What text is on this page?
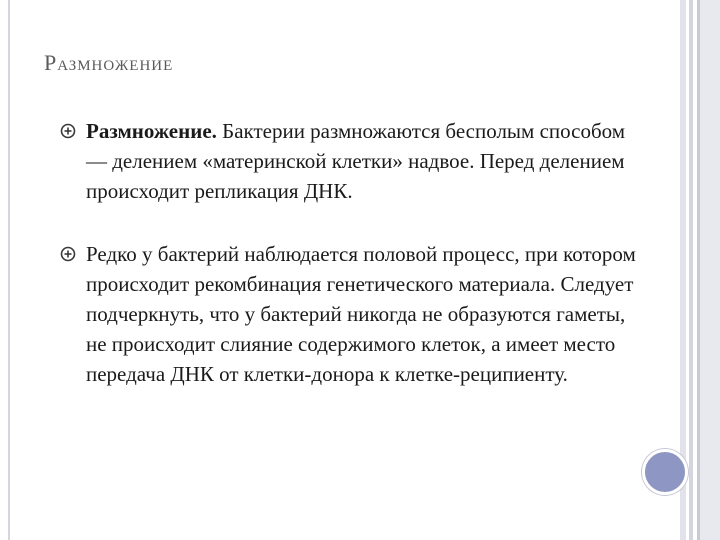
Размножение
Размножение. Бактерии размножаются бесполым способом — делением «материнской клетки» надвое. Перед делением происходит репликация ДНК.
Редко у бактерий наблюдается половой процесс, при котором происходит рекомбинация генетического материала. Следует подчеркнуть, что у бактерий никогда не образуются гаметы, не происходит слияние содержимого клеток, а имеет место передача ДНК от клетки-донора к клетке-реципиенту.
